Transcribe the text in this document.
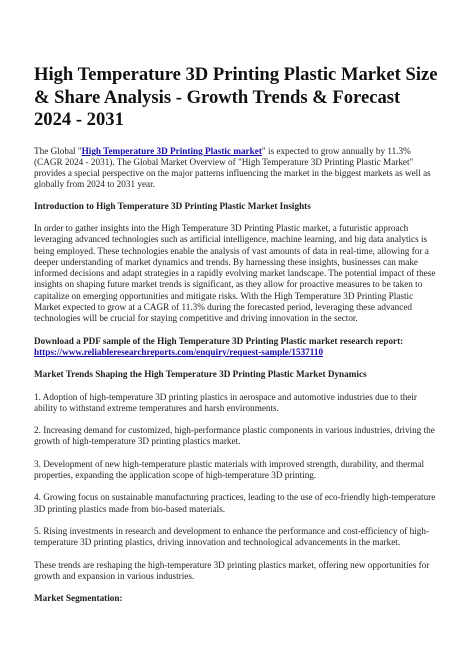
High Temperature 3D Printing Plastic Market Size & Share Analysis - Growth Trends & Forecast 2024 - 2031

The Global "High Temperature 3D Printing Plastic market" is expected to grow annually by 11.3% (CAGR 2024 - 2031). The Global Market Overview of "High Temperature 3D Printing Plastic Market" provides a special perspective on the major patterns influencing the market in the biggest markets as well as globally from 2024 to 2031 year.

Introduction to High Temperature 3D Printing Plastic Market Insights

In order to gather insights into the High Temperature 3D Printing Plastic market, a futuristic approach leveraging advanced technologies such as artificial intelligence, machine learning, and big data analytics is being employed. These technologies enable the analysis of vast amounts of data in real-time, allowing for a deeper understanding of market dynamics and trends. By harnessing these insights, businesses can make informed decisions and adapt strategies in a rapidly evolving market landscape. The potential impact of these insights on shaping future market trends is significant, as they allow for proactive measures to be taken to capitalize on emerging opportunities and mitigate risks. With the High Temperature 3D Printing Plastic Market expected to grow at a CAGR of 11.3% during the forecasted period, leveraging these advanced technologies will be crucial for staying competitive and driving innovation in the sector.

Download a PDF sample of the High Temperature 3D Printing Plastic market research report:
https://www.reliableresearchreports.com/enquiry/request-sample/1537110

Market Trends Shaping the High Temperature 3D Printing Plastic Market Dynamics

1. Adoption of high-temperature 3D printing plastics in aerospace and automotive industries due to their ability to withstand extreme temperatures and harsh environments.

2. Increasing demand for customized, high-performance plastic components in various industries, driving the growth of high-temperature 3D printing plastics market.

3. Development of new high-temperature plastic materials with improved strength, durability, and thermal properties, expanding the application scope of high-temperature 3D printing.

4. Growing focus on sustainable manufacturing practices, leading to the use of eco-friendly high-temperature 3D printing plastics made from bio-based materials.

5. Rising investments in research and development to enhance the performance and cost-efficiency of high-temperature 3D printing plastics, driving innovation and technological advancements in the market.

These trends are reshaping the high-temperature 3D printing plastics market, offering new opportunities for growth and expansion in various industries.

Market Segmentation:
